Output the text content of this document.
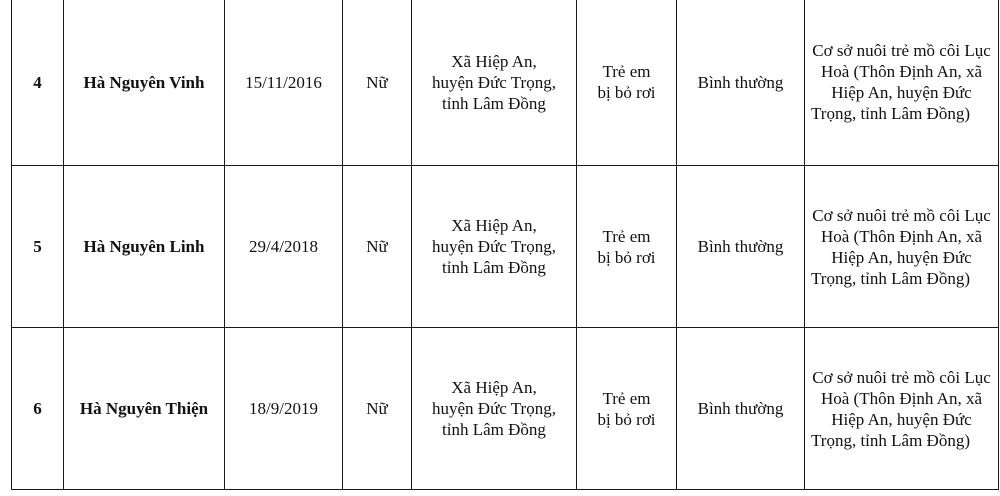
4	Hà Nguyên Vinh	15/11/2016	Nữ	Xã Hiệp An,
huyện Đức Trọng,
tỉnh Lâm Đồng	Trẻ em
bị bỏ rơi	Bình thường	Cơ sở nuôi trẻ mồ côi Lục Hoà (Thôn Định An, xã Hiệp An, huyện Đức Trọng, tỉnh Lâm Đồng)

5	Hà Nguyên Linh	29/4/2018	Nữ	Xã Hiệp An,
huyện Đức Trọng,
tỉnh Lâm Đồng	Trẻ em
bị bỏ rơi	Bình thường	Cơ sở nuôi trẻ mồ côi Lục Hoà (Thôn Định An, xã Hiệp An, huyện Đức Trọng, tỉnh Lâm Đồng)

6	Hà Nguyên Thiện	18/9/2019	Nữ	Xã Hiệp An,
huyện Đức Trọng,
tỉnh Lâm Đồng	Trẻ em
bị bỏ rơi	Bình thường	Cơ sở nuôi trẻ mồ côi Lục Hoà (Thôn Định An, xã Hiệp An, huyện Đức Trọng, tỉnh Lâm Đồng)
